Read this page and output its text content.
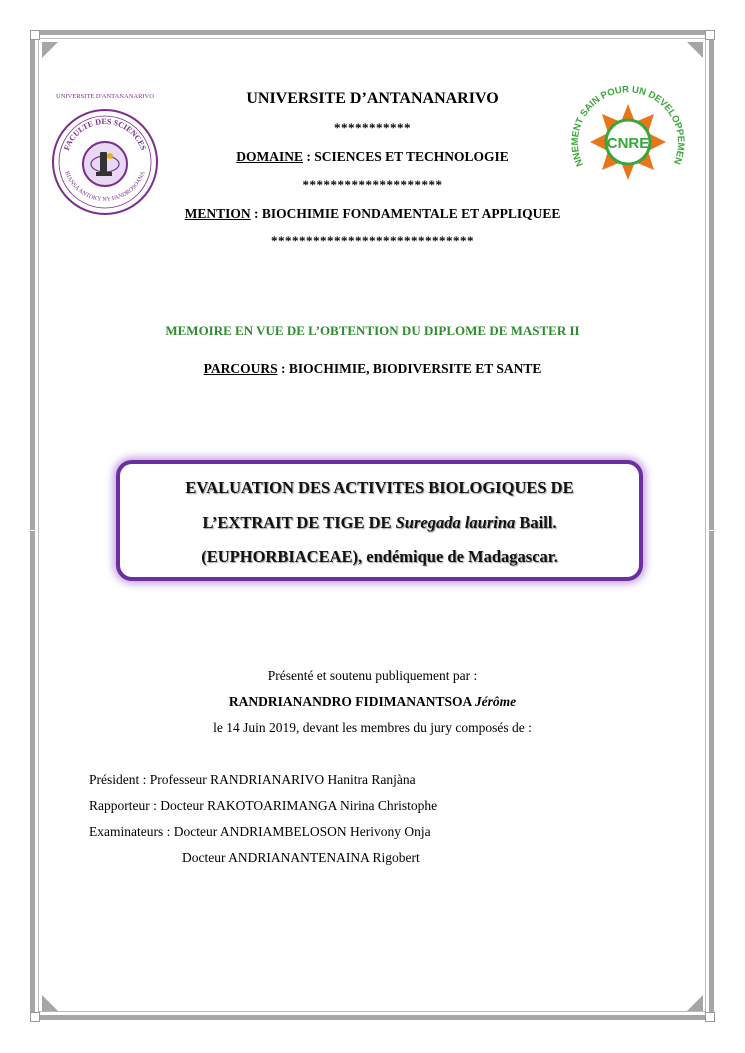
UNIVERSITE D'ANTANANARIVO
FACULTE DES SCIENCES
BIANSA ANTOKY NY FANDROSOANA
NNEMENT SAIN POUR UN DEVELOPPEMEN
CNRE
UNIVERSITE D’ANTANANARIVO
***********
DOMAINE : SCIENCES ET TECHNOLOGIE
********************
MENTION : BIOCHIMIE FONDAMENTALE ET APPLIQUEE
*****************************
MEMOIRE EN VUE DE L’OBTENTION DU DIPLOME DE MASTER II
PARCOURS : BIOCHIMIE, BIODIVERSITE ET SANTE
EVALUATION DES ACTIVITES BIOLOGIQUES DE
L’EXTRAIT DE TIGE DE Suregada laurina Baill.
(EUPHORBIACEAE), endémique de Madagascar.
Présenté et soutenu publiquement par :
RANDRIANANDRO FIDIMANANTSOA Jérôme
le 14 Juin 2019, devant les membres du jury composés de :
Président : Professeur RANDRIANARIVO Hanitra Ranjàna
Rapporteur : Docteur RAKOTOARIMANGA Nirina Christophe
Examinateurs : Docteur ANDRIAMBELOSON Herivony Onja
Docteur ANDRIANANTENAINA Rigobert
